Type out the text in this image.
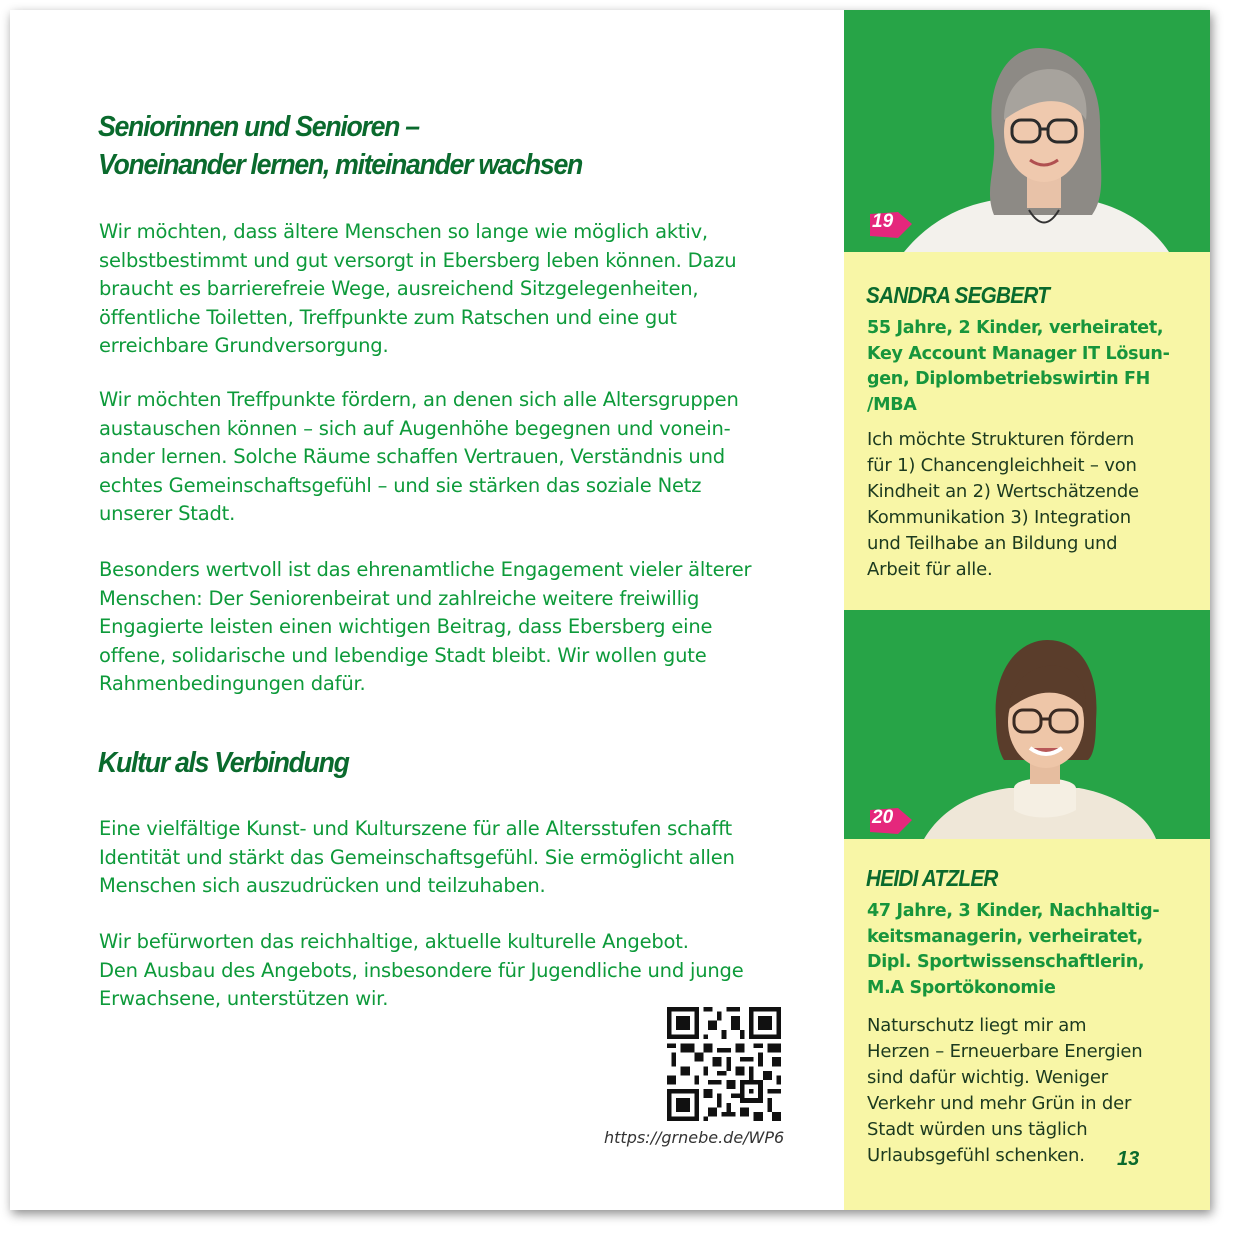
Seniorinnen und Senioren –
Voneinander lernen, miteinander wachsen

Wir möchten, dass ältere Menschen so lange wie möglich aktiv,
selbstbestimmt und gut versorgt in Ebersberg leben können. Dazu
braucht es barrierefreie Wege, ausreichend Sitzgelegenheiten,
öffentliche Toiletten, Treffpunkte zum Ratschen und eine gut
erreichbare Grundversorgung.

Wir möchten Treffpunkte fördern, an denen sich alle Altersgruppen
austauschen können – sich auf Augenhöhe begegnen und vonein-
ander lernen. Solche Räume schaffen Vertrauen, Verständnis und
echtes Gemeinschaftsgefühl – und sie stärken das soziale Netz
unserer Stadt.

Besonders wertvoll ist das ehrenamtliche Engagement vieler älterer
Menschen: Der Seniorenbeirat und zahlreiche weitere freiwillig
Engagierte leisten einen wichtigen Beitrag, dass Ebersberg eine
offene, solidarische und lebendige Stadt bleibt. Wir wollen gute
Rahmenbedingungen dafür.

Kultur als Verbindung

Eine vielfältige Kunst- und Kulturszene für alle Altersstufen schafft
Identität und stärkt das Gemeinschaftsgefühl. Sie ermöglicht allen
Menschen sich auszudrücken und teilzuhaben.

Wir befürworten das reichhaltige, aktuelle kulturelle Angebot.
Den Ausbau des Angebots, insbesondere für Jugendliche und junge
Erwachsene, unterstützen wir.

https://grnebe.de/WP6
19
SANDRA SEGBERT

55 Jahre, 2 Kinder, verheiratet,
Key Account Manager IT Lösun-
gen, Diplombetriebswirtin FH
/MBA

Ich möchte Strukturen fördern
für 1) Chancengleichheit – von
Kindheit an 2) Wertschätzende
Kommunikation 3) Integration
und Teilhabe an Bildung und
Arbeit für alle.

20
HEIDI ATZLER

47 Jahre, 3 Kinder, Nachhaltig-
keitsmanagerin, verheiratet,
Dipl. Sportwissenschaftlerin,
M.A Sportökonomie

Naturschutz liegt mir am
Herzen – Erneuerbare Energien
sind dafür wichtig. Weniger
Verkehr und mehr Grün in der
Stadt würden uns täglich
Urlaubsgefühl schenken.	13
